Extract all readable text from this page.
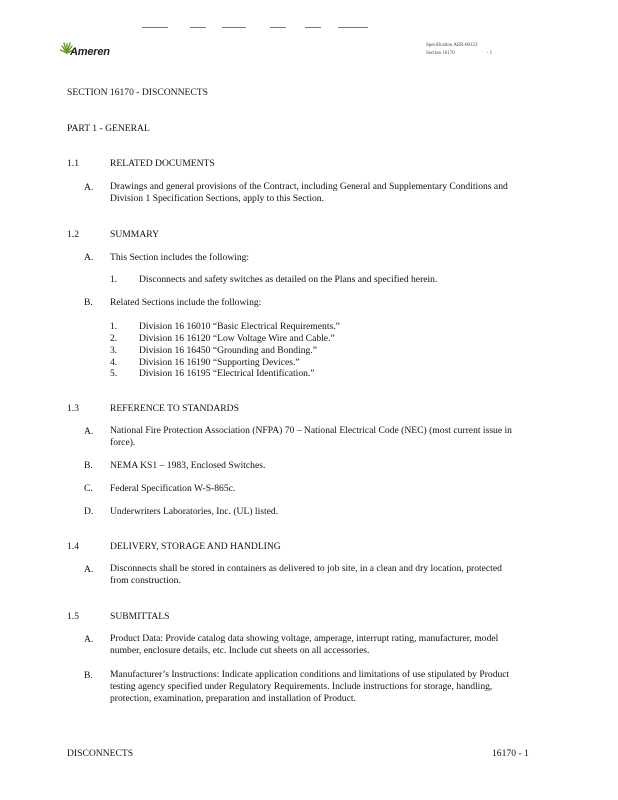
Ameren
Specification AER-00123
Section 16170	- 1
SECTION 16170 - DISCONNECTS
PART 1 - GENERAL
1.1	RELATED DOCUMENTS
A. Drawings and general provisions of the Contract, including General and Supplementary Conditions and
Division 1 Specification Sections, apply to this Section.
1.2	SUMMARY
A. This Section includes the following:
1. Disconnects and safety switches as detailed on the Plans and specified herein.
B. Related Sections include the following:
1. Division 16 16010 “Basic Electrical Requirements.”
2. Division 16 16120 “Low Voltage Wire and Cable.”
3. Division 16 16450 “Grounding and Bonding.”
4. Division 16 16190 “Supporting Devices.”
5. Division 16 16195 “Electrical Identification.”
1.3	REFERENCE TO STANDARDS
A. National Fire Protection Association (NFPA) 70 – National Electrical Code (NEC) (most current issue in
force).
B. NEMA KS1 – 1983, Enclosed Switches.
C. Federal Specification W-S-865c.
D. Underwriters Laboratories, Inc. (UL) listed.
1.4	DELIVERY, STORAGE AND HANDLING
A. Disconnects shall be stored in containers as delivered to job site, in a clean and dry location, protected
from construction.
1.5	SUBMITTALS
A. Product Data: Provide catalog data showing voltage, amperage, interrupt rating, manufacturer, model
number, enclosure details, etc. Include cut sheets on all accessories.
B. Manufacturer’s Instructions: Indicate application conditions and limitations of use stipulated by Product
testing agency specified under Regulatory Requirements. Include instructions for storage, handling,
protection, examination, preparation and installation of Product.
DISCONNECTS	16170 - 1
